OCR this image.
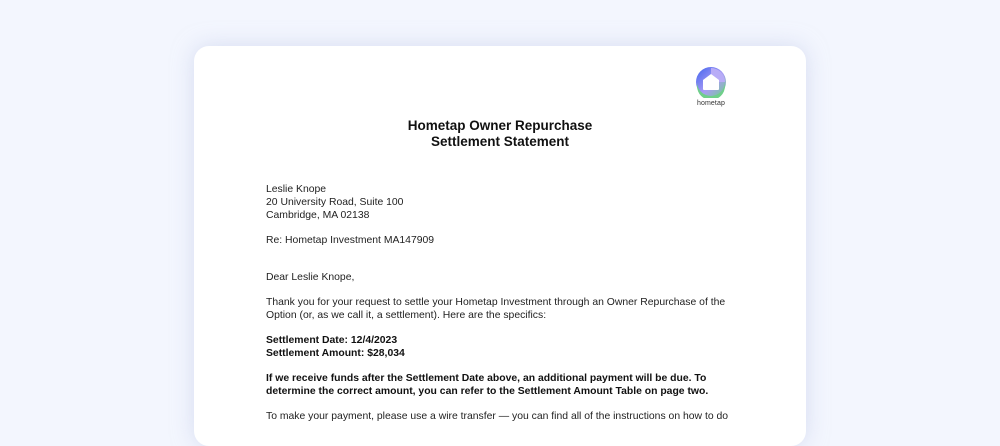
hometap
Hometap Owner Repurchase
Settlement Statement

Leslie Knope

20 University Road, Suite 100

Cambridge, MA 02138

Re: Hometap Investment MA147909

Dear Leslie Knope,

Thank you for your request to settle your Hometap Investment through an Owner Repurchase of the Option (or, as we call it, a settlement). Here are the specifics:

Settlement Date: 12/4/2023

Settlement Amount: $28,034

If we receive funds after the Settlement Date above, an additional payment will be due. To determine the correct amount, you can refer to the Settlement Amount Table on page two.

To make your payment, please use a wire transfer — you can find all of the instructions on how to do
